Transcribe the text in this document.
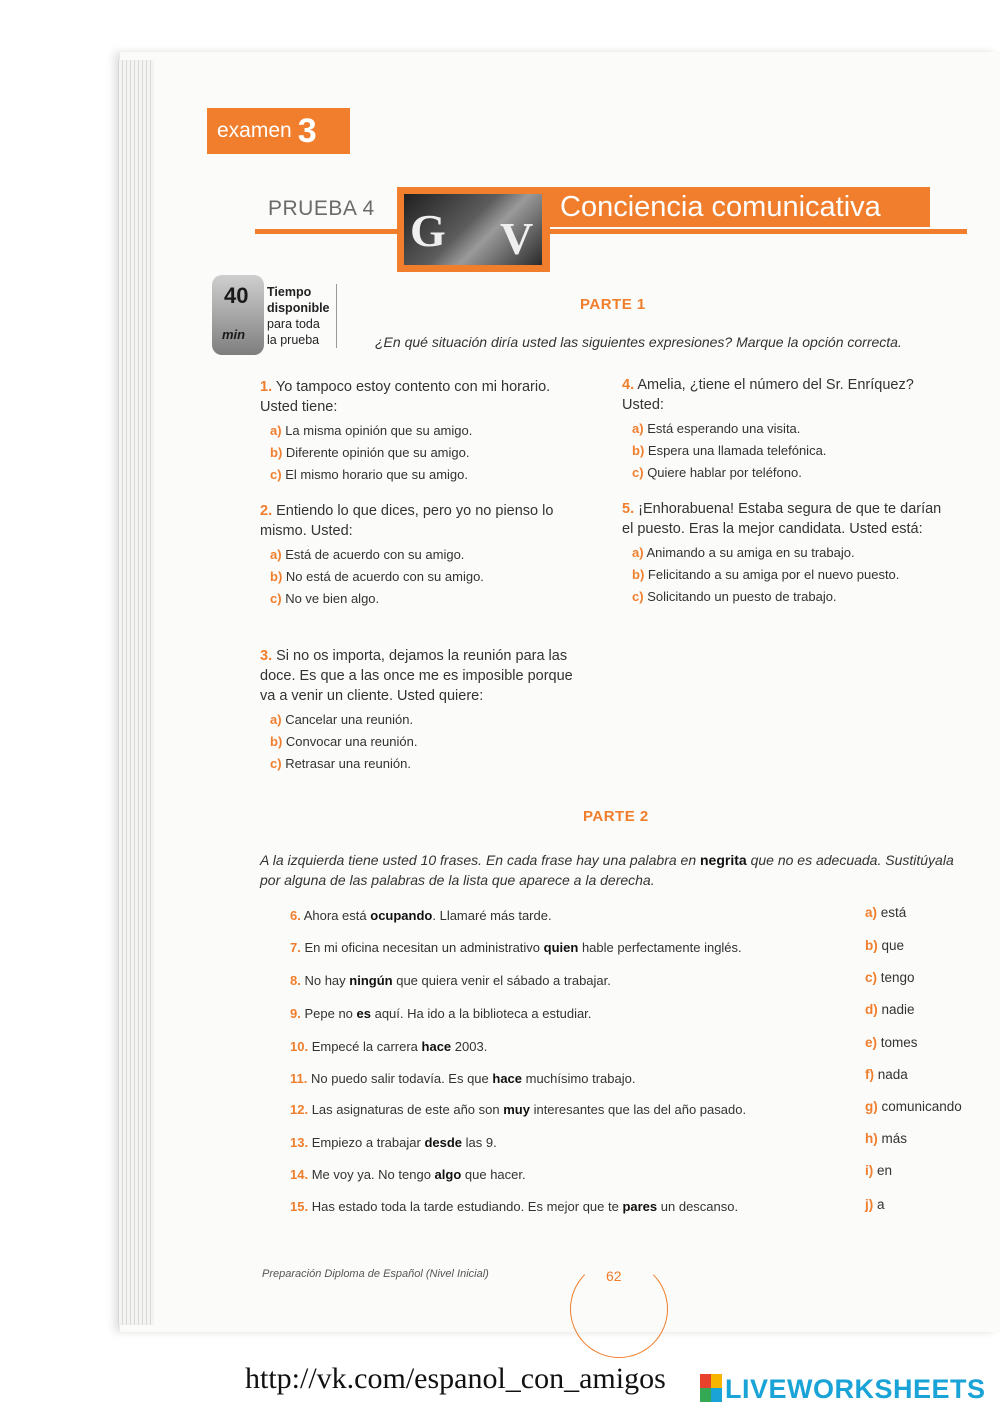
examen 3
PRUEBA 4 G V
Conciencia comunicativa
40
min
Tiempo
disponible
para toda
la prueba
PARTE 1
¿En qué situación diría usted las siguientes expresiones? Marque la opción correcta.
1. Yo tampoco estoy contento con mi horario. Usted tiene:
a) La misma opinión que su amigo.
b) Diferente opinión que su amigo.
c) El mismo horario que su amigo.
2. Entiendo lo que dices, pero yo no pienso lo mismo. Usted:
a) Está de acuerdo con su amigo.
b) No está de acuerdo con su amigo.
c) No ve bien algo.
3. Si no os importa, dejamos la reunión para las doce. Es que a las once me es imposible porque va a venir un cliente. Usted quiere:
a) Cancelar una reunión.
b) Convocar una reunión.
c) Retrasar una reunión.
4. Amelia, ¿tiene el número del Sr. Enríquez? Usted:
a) Está esperando una visita.
b) Espera una llamada telefónica.
c) Quiere hablar por teléfono.
5. ¡Enhorabuena! Estaba segura de que te darían el puesto. Eras la mejor candidata. Usted está:
a) Animando a su amiga en su trabajo.
b) Felicitando a su amiga por el nuevo puesto.
c) Solicitando un puesto de trabajo.
PARTE 2
A la izquierda tiene usted 10 frases. En cada frase hay una palabra en negrita que no es adecuada. Sustitúyala por alguna de las palabras de la lista que aparece a la derecha.
6. Ahora está ocupando. Llamaré más tarde.
7. En mi oficina necesitan un administrativo quien hable perfectamente inglés.
8. No hay ningún que quiera venir el sábado a trabajar.
9. Pepe no es aquí. Ha ido a la biblioteca a estudiar.
10. Empecé la carrera hace 2003.
11. No puedo salir todavía. Es que hace muchísimo trabajo.
12. Las asignaturas de este año son muy interesantes que las del año pasado.
13. Empiezo a trabajar desde las 9.
14. Me voy ya. No tengo algo que hacer.
15. Has estado toda la tarde estudiando. Es mejor que te pares un descanso.
a) está
b) que
c) tengo
d) nadie
e) tomes
f) nada
g) comunicando
h) más
i) en
j) a
Preparación Diploma de Español (Nivel Inicial)	62
http://vk.com/espanol_con_amigos LIVEWORKSHEETS
